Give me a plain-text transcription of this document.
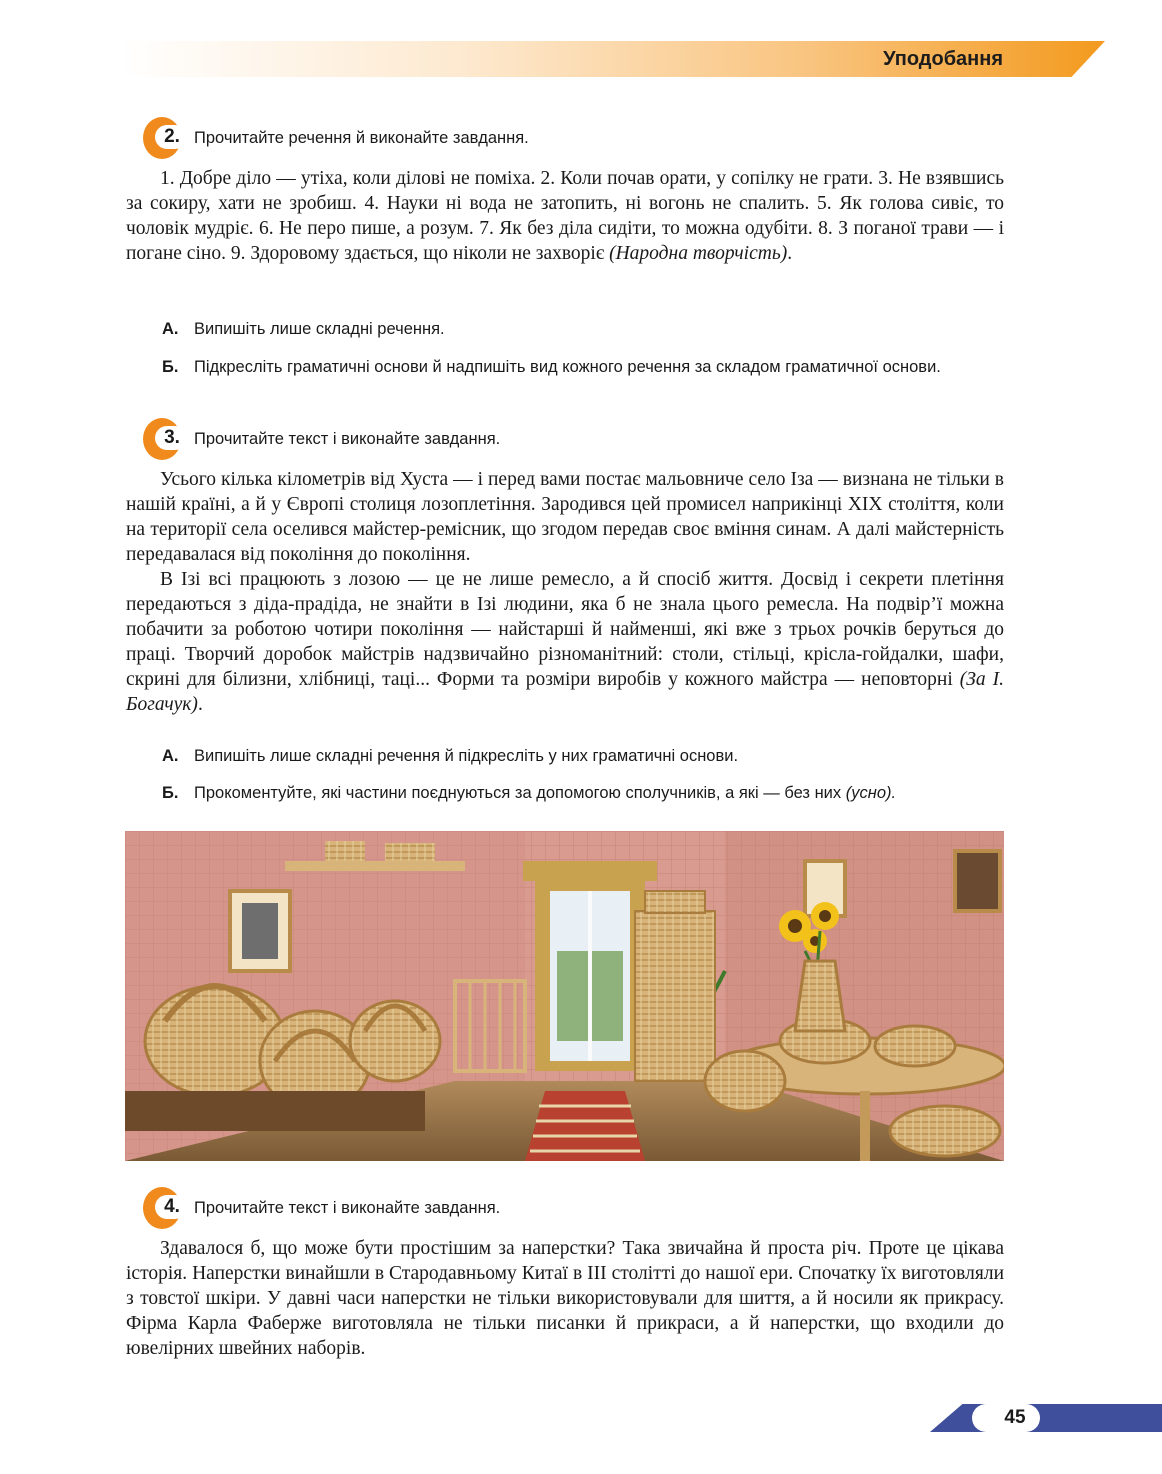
Уподобання
2. Прочитайте речення й виконайте завдання.

1. Добре діло — утіха, коли ділові не поміха. 2. Коли почав орати, у сопілку не грати. 3. Не взявшись за сокиру, хати не зробиш. 4. Науки ні вода не затопить, ні вогонь не спалить. 5. Як голова сивіє, то чоловік мудріє. 6. Не перо пише, а розум. 7. Як без діла сидіти, то можна одубіти. 8. З поганої трави — і погане сіно. 9. Здоровому здається, що ніколи не захворіє (Народна творчість).

А. Випишіть лише складні речення.
Б. Підкресліть граматичні основи й надпишіть вид кожного речення за складом граматичної основи.
3. Прочитайте текст і виконайте завдання.

Усього кілька кілометрів від Хуста — і перед вами постає мальовниче село Іза — визнана не тільки в нашій країні, а й у Європі столиця лозоплетіння. Зародився цей промисел наприкінці XIX століття, коли на території села оселився майстер-ремісник, що згодом передав своє вміння синам. А далі майстерність передавалася від покоління до покоління.

В Ізі всі працюють з лозою — це не лише ремесло, а й спосіб життя. Досвід і секрети плетіння передаються з діда-прадіда, не знайти в Ізі людини, яка б не знала цього ремесла. На подвір’ї можна побачити за роботою чотири покоління — найстарші й найменші, які вже з трьох рочків беруться до праці. Творчий доробок майстрів надзвичайно різноманітний: столи, стільці, крісла-гойдалки, шафи, скрині для білизни, хлібниці, таці... Форми та розміри виробів у кожного майстра — неповторні (За І. Богачук).

А. Випишіть лише складні речення й підкресліть у них граматичні основи.
Б. Прокоментуйте, які частини поєднуються за допомогою сполучників, а які — без них (усно).
4. Прочитайте текст і виконайте завдання.

Здавалося б, що може бути простішим за наперстки? Така звичайна й проста річ. Проте це цікава історія. Наперстки винайшли в Стародавньому Китаї в III столітті до нашої ери. Спочатку їх виготовляли з товстої шкіри. У давні часи наперстки не тільки використовували для шиття, а й носили як прикрасу. Фірма Карла Фаберже виготовляла не тільки писанки й прикраси, а й наперстки, що входили до ювелірних швейних наборів.

45
